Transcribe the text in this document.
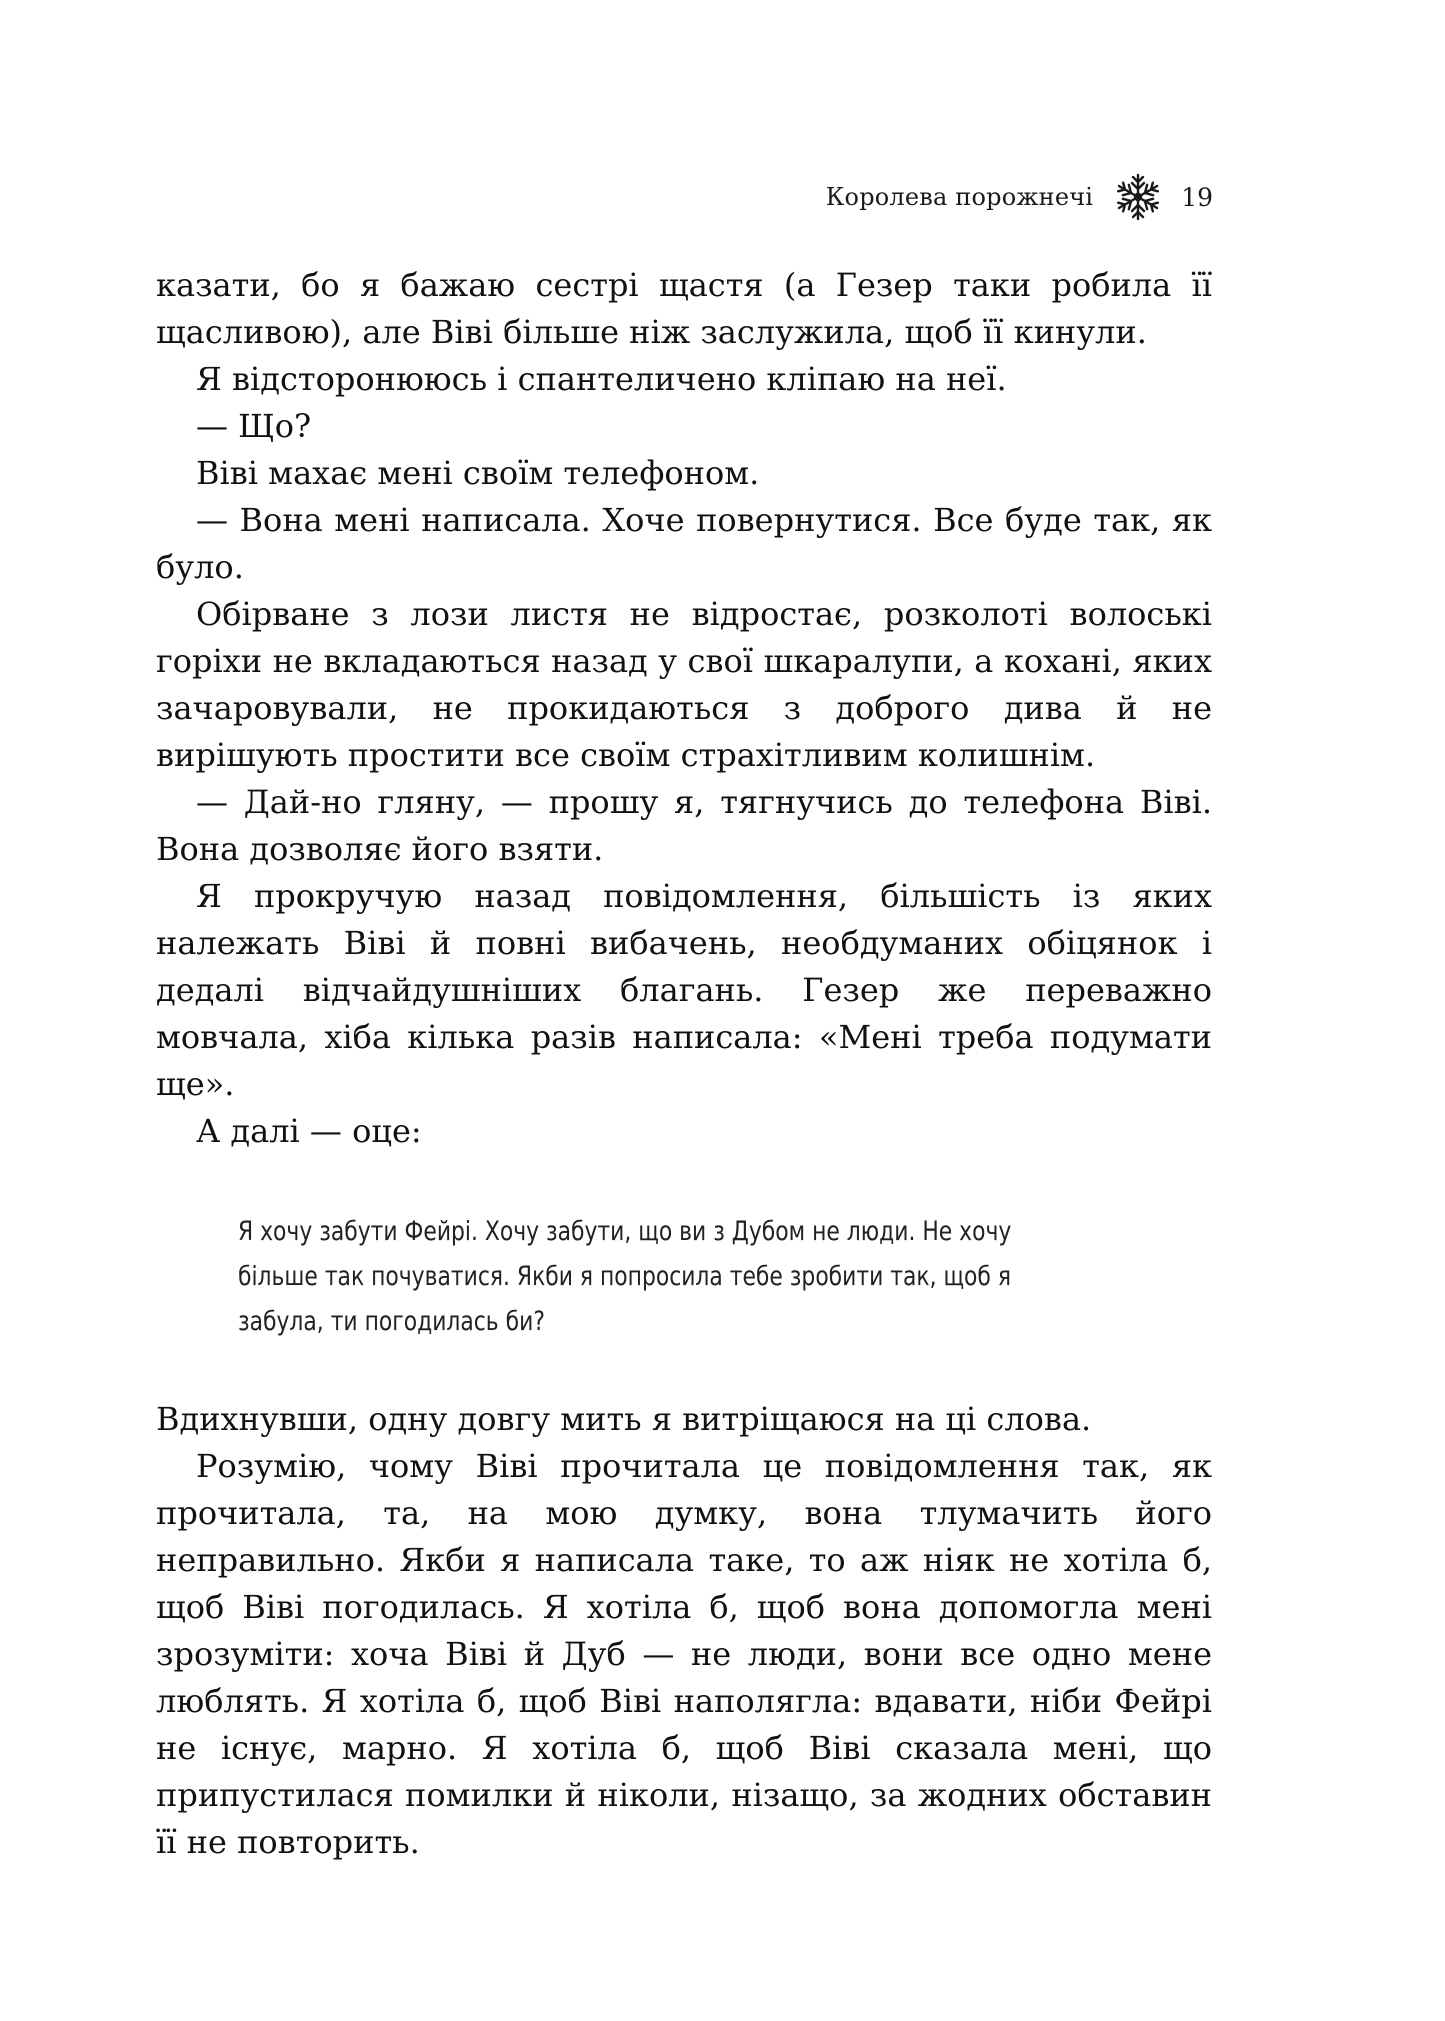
Королева порожнечі	19

казати, бо я бажаю сестрі щастя (а Гезер таки робила її щасливою), але Віві більше ніж заслужила, щоб її кинули.

Я відсторонююсь і спантеличено кліпаю на неї.

— Що?

Віві махає мені своїм телефоном.

— Вона мені написала. Хоче повернутися. Все буде так, як було.

Обірване з лози листя не відростає, розколоті волоські горіхи не вкладаються назад у свої шкаралупи, а кохані, яких зачаровували, не прокидаються з доброго дива й не вирішують простити все своїм страхітливим колишнім.

— Дай-но гляну, — прошу я, тягнучись до телефона Віві. Вона дозволяє його взяти.

Я прокручую назад повідомлення, більшість із яких належать Віві й повні вибачень, необдуманих обіцянок і дедалі відчайдушніших благань. Гезер же переважно мовчала, хіба кілька разів написала: «Мені треба подумати ще».

А далі — оце:

Я хочу забути Фейрі. Хочу забути, що ви з Дубом не люди. Не хочу більше так почуватися. Якби я попросила тебе зробити так, щоб я забула, ти погодилась би?

Вдихнувши, одну довгу мить я витріщаюся на ці слова.

Розумію, чому Віві прочитала це повідомлення так, як прочитала, та, на мою думку, вона тлумачить його неправильно. Якби я написала таке, то аж ніяк не хотіла б, щоб Віві погодилась. Я хотіла б, щоб вона допомогла мені зрозуміти: хоча Віві й Дуб — не люди, вони все одно мене люблять. Я хотіла б, щоб Віві наполягла: вдавати, ніби Фейрі не існує, марно. Я хотіла б, щоб Віві сказала мені, що припустилася помилки й ніколи, нізащо, за жодних обставин її не повторить.
